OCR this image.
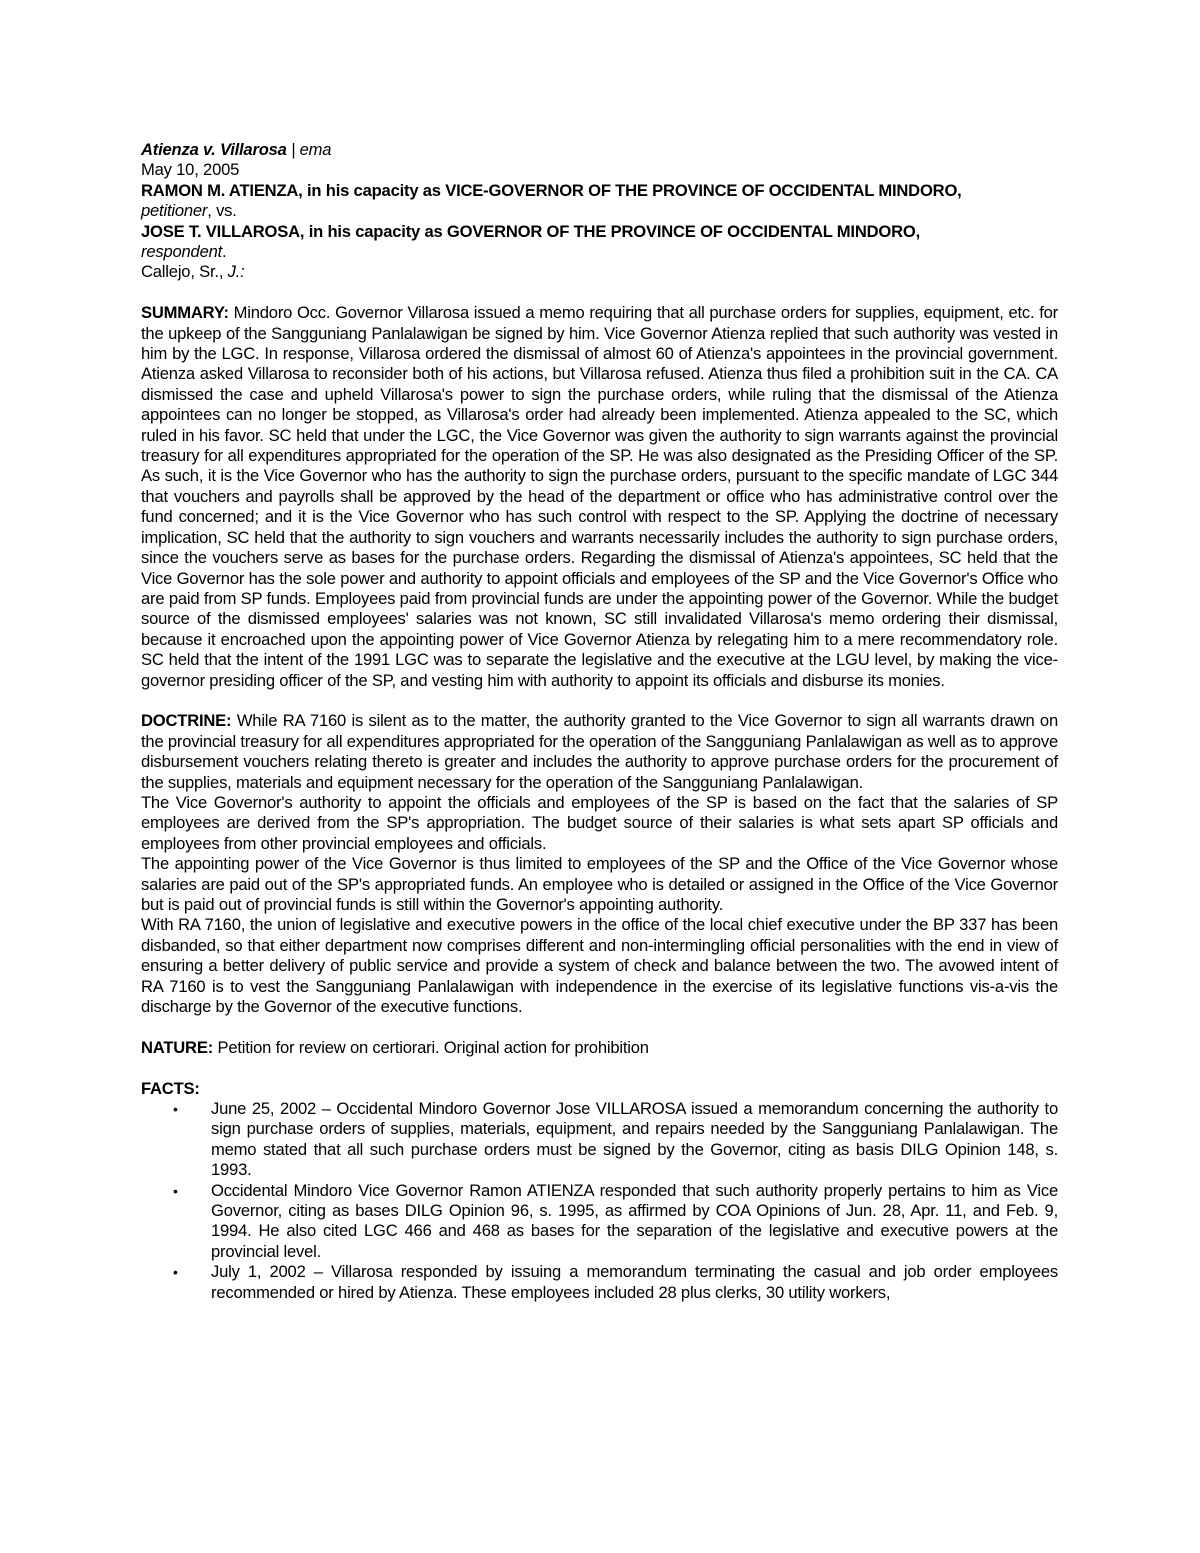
Atienza v. Villarosa | ema
May 10, 2005
RAMON M. ATIENZA, in his capacity as VICE-GOVERNOR OF THE PROVINCE OF OCCIDENTAL MINDORO,
petitioner, vs.
JOSE T. VILLAROSA, in his capacity as GOVERNOR OF THE PROVINCE OF OCCIDENTAL MINDORO,
respondent.
Callejo, Sr., J.:
SUMMARY: Mindoro Occ. Governor Villarosa issued a memo requiring that all purchase orders for supplies, equipment, etc. for the upkeep of the Sangguniang Panlalawigan be signed by him. Vice Governor Atienza replied that such authority was vested in him by the LGC. In response, Villarosa ordered the dismissal of almost 60 of Atienza's appointees in the provincial government. Atienza asked Villarosa to reconsider both of his actions, but Villarosa refused. Atienza thus filed a prohibition suit in the CA. CA dismissed the case and upheld Villarosa's power to sign the purchase orders, while ruling that the dismissal of the Atienza appointees can no longer be stopped, as Villarosa's order had already been implemented. Atienza appealed to the SC, which ruled in his favor. SC held that under the LGC, the Vice Governor was given the authority to sign warrants against the provincial treasury for all expenditures appropriated for the operation of the SP. He was also designated as the Presiding Officer of the SP. As such, it is the Vice Governor who has the authority to sign the purchase orders, pursuant to the specific mandate of LGC 344 that vouchers and payrolls shall be approved by the head of the department or office who has administrative control over the fund concerned; and it is the Vice Governor who has such control with respect to the SP. Applying the doctrine of necessary implication, SC held that the authority to sign vouchers and warrants necessarily includes the authority to sign purchase orders, since the vouchers serve as bases for the purchase orders. Regarding the dismissal of Atienza's appointees, SC held that the Vice Governor has the sole power and authority to appoint officials and employees of the SP and the Vice Governor's Office who are paid from SP funds. Employees paid from provincial funds are under the appointing power of the Governor. While the budget source of the dismissed employees' salaries was not known, SC still invalidated Villarosa's memo ordering their dismissal, because it encroached upon the appointing power of Vice Governor Atienza by relegating him to a mere recommendatory role. SC held that the intent of the 1991 LGC was to separate the legislative and the executive at the LGU level, by making the vice-governor presiding officer of the SP, and vesting him with authority to appoint its officials and disburse its monies.
DOCTRINE: While RA 7160 is silent as to the matter, the authority granted to the Vice Governor to sign all warrants drawn on the provincial treasury for all expenditures appropriated for the operation of the Sangguniang Panlalawigan as well as to approve disbursement vouchers relating thereto is greater and includes the authority to approve purchase orders for the procurement of the supplies, materials and equipment necessary for the operation of the Sangguniang Panlalawigan.
The Vice Governor's authority to appoint the officials and employees of the SP is based on the fact that the salaries of SP employees are derived from the SP's appropriation. The budget source of their salaries is what sets apart SP officials and employees from other provincial employees and officials.
The appointing power of the Vice Governor is thus limited to employees of the SP and the Office of the Vice Governor whose salaries are paid out of the SP's appropriated funds. An employee who is detailed or assigned in the Office of the Vice Governor but is paid out of provincial funds is still within the Governor's appointing authority.
With RA 7160, the union of legislative and executive powers in the office of the local chief executive under the BP 337 has been disbanded, so that either department now comprises different and non-intermingling official personalities with the end in view of ensuring a better delivery of public service and provide a system of check and balance between the two. The avowed intent of RA 7160 is to vest the Sangguniang Panlalawigan with independence in the exercise of its legislative functions vis-a-vis the discharge by the Governor of the executive functions.
NATURE: Petition for review on certiorari. Original action for prohibition
FACTS:
• June 25, 2002 – Occidental Mindoro Governor Jose VILLAROSA issued a memorandum concerning the authority to sign purchase orders of supplies, materials, equipment, and repairs needed by the Sangguniang Panlalawigan. The memo stated that all such purchase orders must be signed by the Governor, citing as basis DILG Opinion 148, s. 1993.
• Occidental Mindoro Vice Governor Ramon ATIENZA responded that such authority properly pertains to him as Vice Governor, citing as bases DILG Opinion 96, s. 1995, as affirmed by COA Opinions of Jun. 28, Apr. 11, and Feb. 9, 1994. He also cited LGC 466 and 468 as bases for the separation of the legislative and executive powers at the provincial level.
• July 1, 2002 – Villarosa responded by issuing a memorandum terminating the casual and job order employees recommended or hired by Atienza. These employees included 28 plus clerks, 30 utility workers,
